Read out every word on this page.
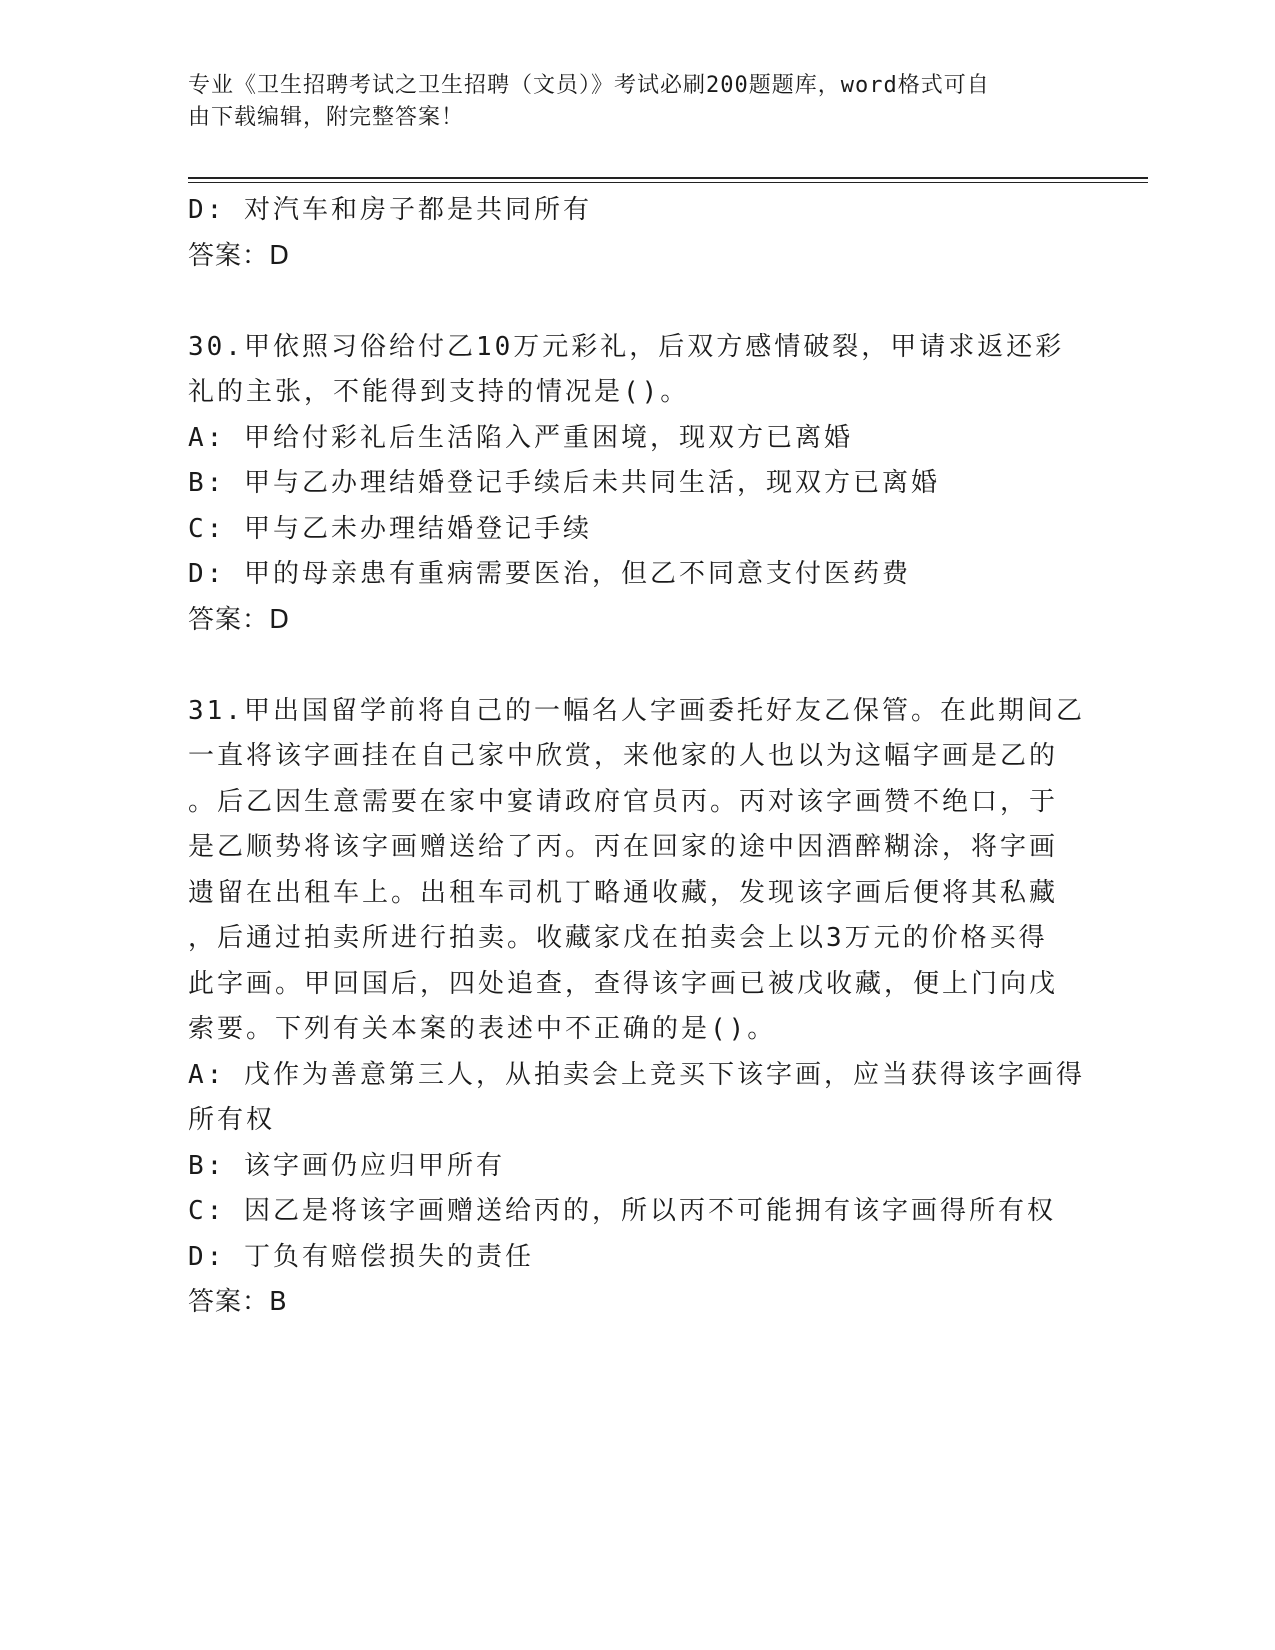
专业《卫生招聘考试之卫生招聘（文员）》考试必刷200题题库，word格式可自
由下载编辑，附完整答案！
D: 对汽车和房子都是共同所有
答案：D
30.甲依照习俗给付乙10万元彩礼，后双方感情破裂，甲请求返还彩
礼的主张，不能得到支持的情况是()。
A: 甲给付彩礼后生活陷入严重困境，现双方已离婚
B: 甲与乙办理结婚登记手续后未共同生活，现双方已离婚
C: 甲与乙未办理结婚登记手续
D: 甲的母亲患有重病需要医治，但乙不同意支付医药费
答案：D
31.甲出国留学前将自己的一幅名人字画委托好友乙保管。在此期间乙
一直将该字画挂在自己家中欣赏，来他家的人也以为这幅字画是乙的
。后乙因生意需要在家中宴请政府官员丙。丙对该字画赞不绝口，于
是乙顺势将该字画赠送给了丙。丙在回家的途中因酒醉糊涂，将字画
遗留在出租车上。出租车司机丁略通收藏，发现该字画后便将其私藏
，后通过拍卖所进行拍卖。收藏家戊在拍卖会上以3万元的价格买得
此字画。甲回国后，四处追查，查得该字画已被戊收藏，便上门向戊
索要。下列有关本案的表述中不正确的是()。
A: 戊作为善意第三人，从拍卖会上竞买下该字画，应当获得该字画得
所有权
B: 该字画仍应归甲所有
C: 因乙是将该字画赠送给丙的，所以丙不可能拥有该字画得所有权
D: 丁负有赔偿损失的责任
答案：B
